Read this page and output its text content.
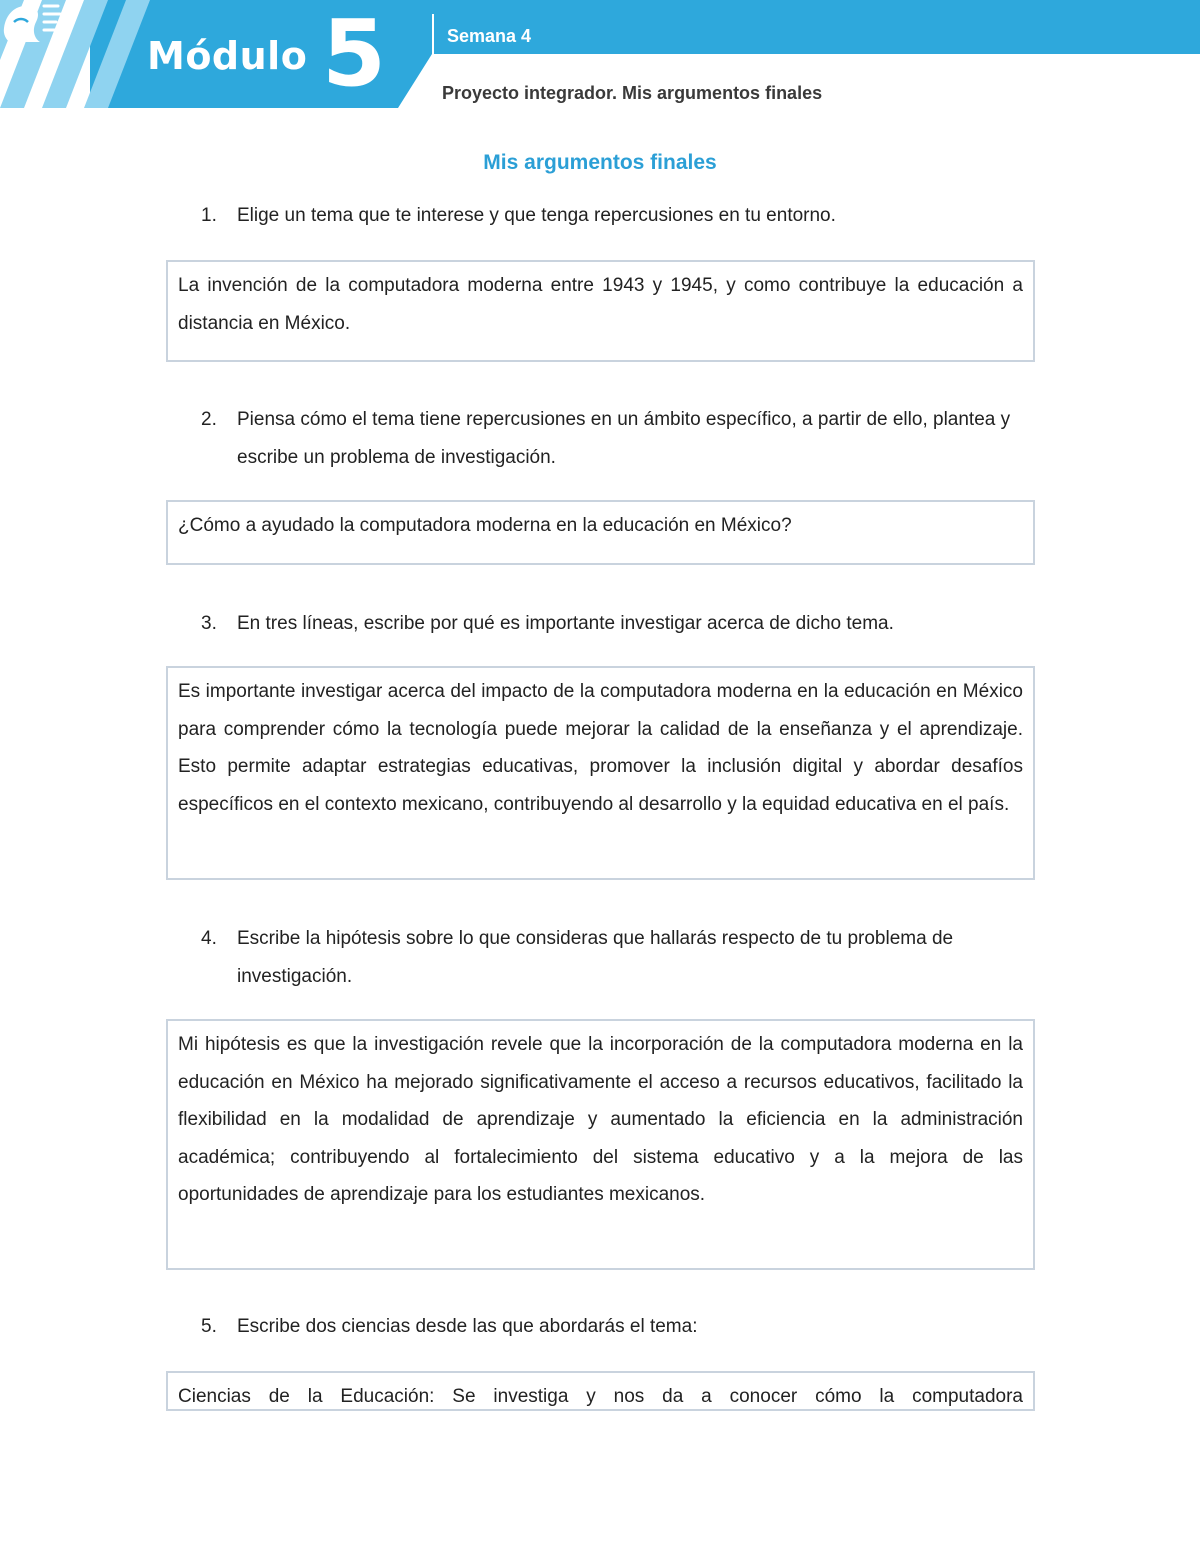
Módulo 5	Semana 4
Proyecto integrador. Mis argumentos finales
Mis argumentos finales
1. Elige un tema que te interese y que tenga repercusiones en tu entorno.
La invención de la computadora moderna entre 1943 y 1945, y como contribuye la educación a distancia en México.
2. Piensa cómo el tema tiene repercusiones en un ámbito específico, a partir de ello, plantea y escribe un problema de investigación.
¿Cómo a ayudado la computadora moderna en la educación en México?
3. En tres líneas, escribe por qué es importante investigar acerca de dicho tema.
Es importante investigar acerca del impacto de la computadora moderna en la educación en México para comprender cómo la tecnología puede mejorar la calidad de la enseñanza y el aprendizaje. Esto permite adaptar estrategias educativas, promover la inclusión digital y abordar desafíos específicos en el contexto mexicano, contribuyendo al desarrollo y la equidad educativa en el país.
4. Escribe la hipótesis sobre lo que consideras que hallarás respecto de tu problema de investigación.
Mi hipótesis es que la investigación revele que la incorporación de la computadora moderna en la educación en México ha mejorado significativamente el acceso a recursos educativos, facilitado la flexibilidad en la modalidad de aprendizaje y aumentado la eficiencia en la administración académica; contribuyendo al fortalecimiento del sistema educativo y a la mejora de las oportunidades de aprendizaje para los estudiantes mexicanos.
5. Escribe dos ciencias desde las que abordarás el tema:
Ciencias de la Educación: Se investiga y nos da a conocer cómo la computadora
